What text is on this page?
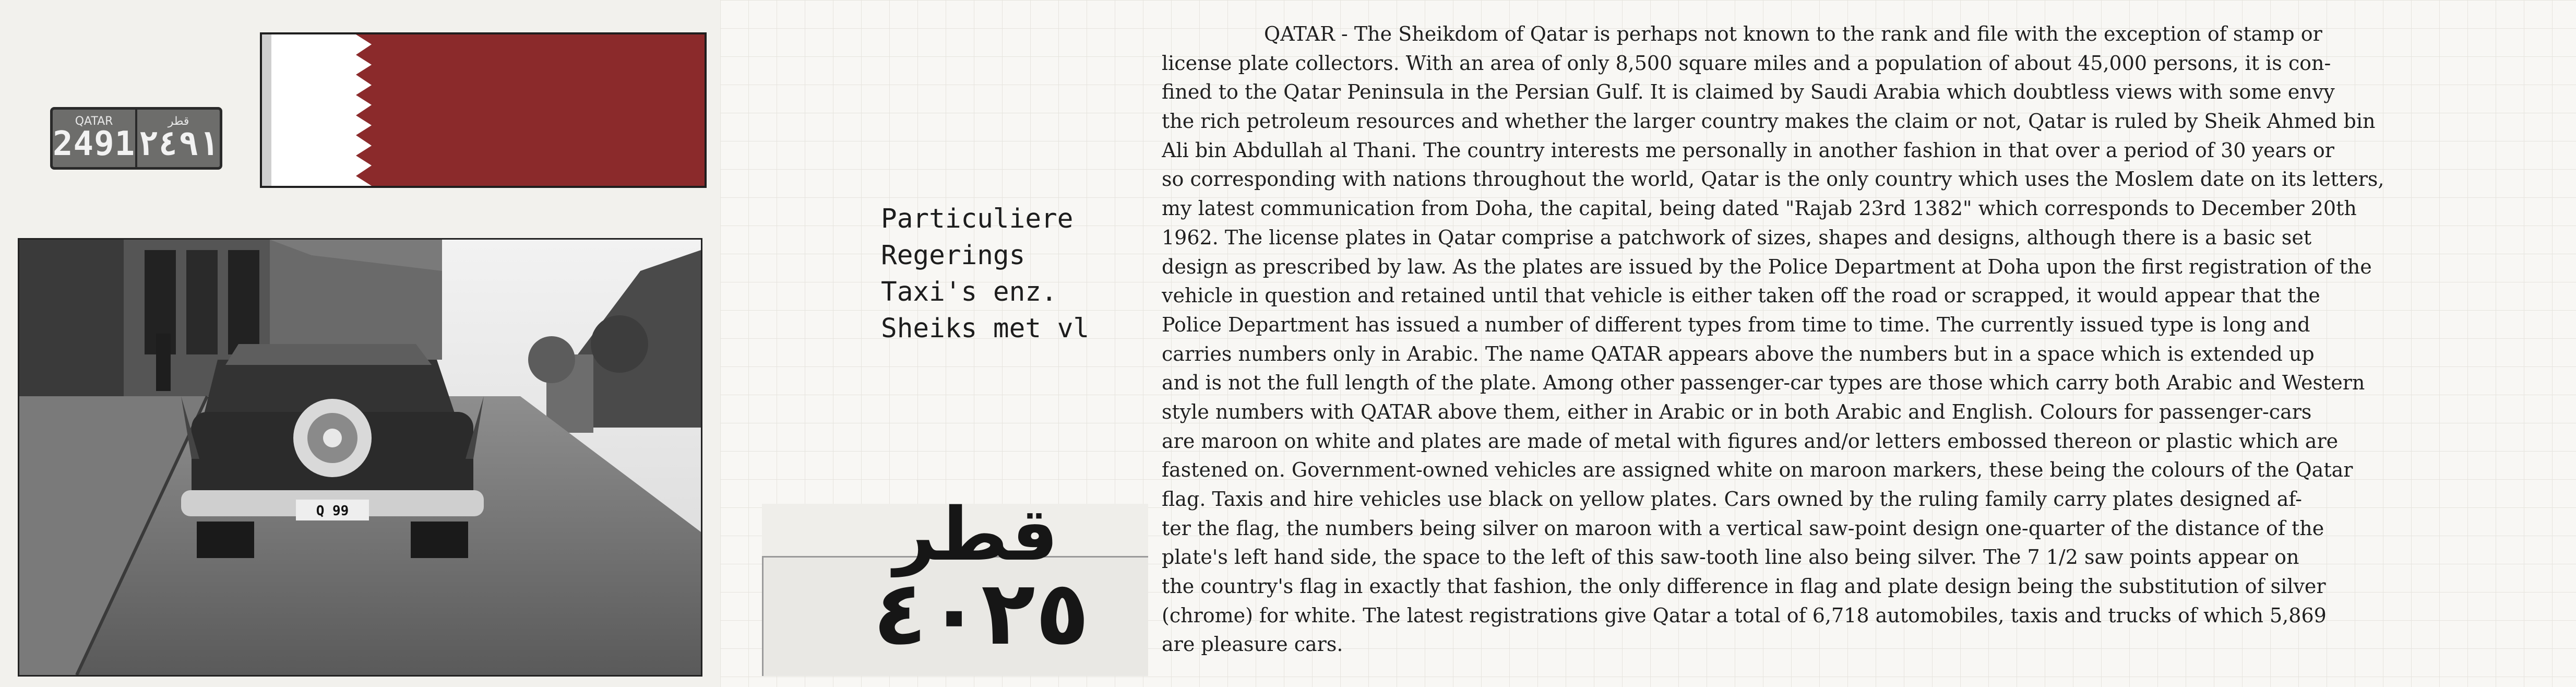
QATAR
2491
قطر
٢٤٩١
Q 99
Particuliere
Regerings
Taxi's enz.
Sheiks met vl
قطر
٤٠٢٥
QATAR - The Sheikdom of Qatar is perhaps not known to the rank and file with the exception of stamp or
license plate collectors. With an area of only 8,500 square miles and a population of about 45,000 persons, it is con-
fined to the Qatar Peninsula in the Persian Gulf. It is claimed by Saudi Arabia which doubtless views with some envy
the rich petroleum resources and whether the larger country makes the claim or not, Qatar is ruled by Sheik Ahmed bin
Ali bin Abdullah al Thani. The country interests me personally in another fashion in that over a period of 30 years or
so corresponding with nations throughout the world, Qatar is the only country which uses the Moslem date on its letters,
my latest communication from Doha, the capital, being dated "Rajab 23rd 1382" which corresponds to December 20th
1962. The license plates in Qatar comprise a patchwork of sizes, shapes and designs, although there is a basic set
design as prescribed by law. As the plates are issued by the Police Department at Doha upon the first registration of the
vehicle in question and retained until that vehicle is either taken off the road or scrapped, it would appear that the
Police Department has issued a number of different types from time to time. The currently issued type is long and
carries numbers only in Arabic. The name QATAR appears above the numbers but in a space which is extended up
and is not the full length of the plate. Among other passenger-car types are those which carry both Arabic and Western
style numbers with QATAR above them, either in Arabic or in both Arabic and English. Colours for passenger-cars
are maroon on white and plates are made of metal with figures and/or letters embossed thereon or plastic which are
fastened on. Government-owned vehicles are assigned white on maroon markers, these being the colours of the Qatar
flag. Taxis and hire vehicles use black on yellow plates. Cars owned by the ruling family carry plates designed af-
ter the flag, the numbers being silver on maroon with a vertical saw-point design one-quarter of the distance of the
plate's left hand side, the space to the left of this saw-tooth line also being silver. The 7 1/2 saw points appear on
the country's flag in exactly that fashion, the only difference in flag and plate design being the substitution of silver
(chrome) for white. The latest registrations give Qatar a total of 6,718 automobiles, taxis and trucks of which 5,869
are pleasure cars.
